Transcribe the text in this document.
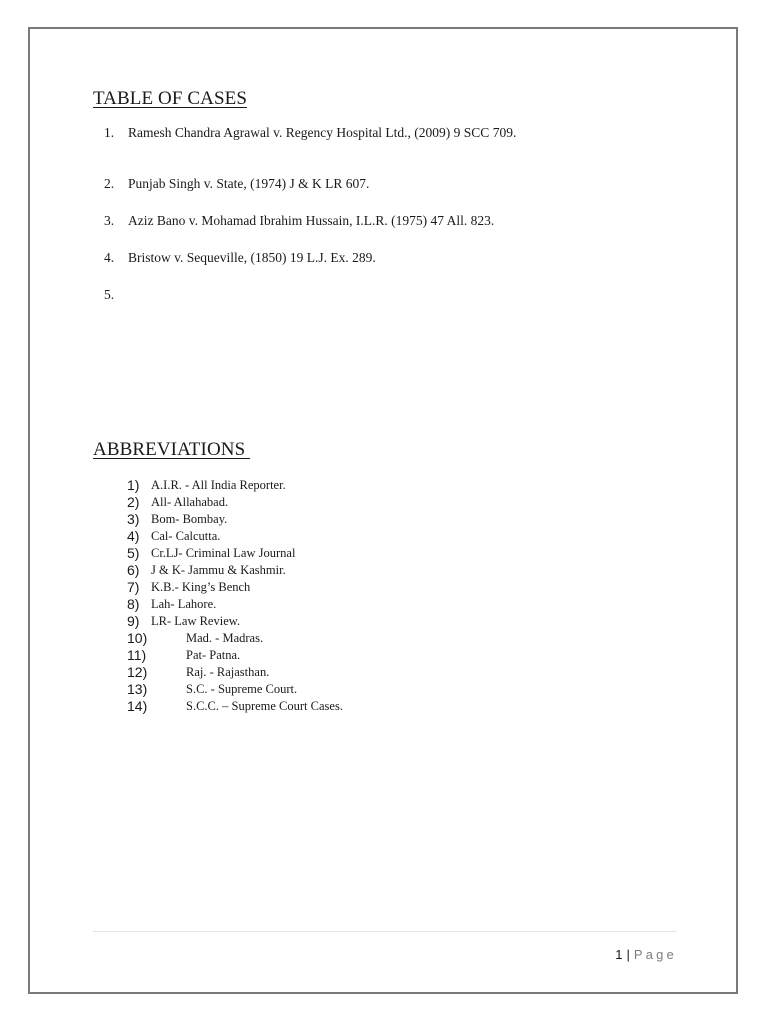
TABLE OF CASES
1. Ramesh Chandra Agrawal v. Regency Hospital Ltd., (2009) 9 SCC 709.
2. Punjab Singh v. State, (1974) J & K LR 607.
3. Aziz Bano v. Mohamad Ibrahim Hussain, I.L.R. (1975) 47 All. 823.
4. Bristow v. Sequeville, (1850) 19 L.J. Ex. 289.
5.
ABBREVIATIONS
1) $^{A.I.R. - All India Reporter.}$
2) $^{All- Allahabad.}$
3) $^{Bom- Bombay.}$
4) $^{Cal- Calcutta.}$
5) $^{Cr.LJ- Criminal Law Journal}$
6) $^{J \& K- Jammu \& Kashmir.}$
7) $^{K.B.- King’s Bench}$
8) $^{Lah- Lahore.}$
9) $^{LR- Law Review.}$
10)	$^{Mad. - Madras.}$
11)	$^{Pat- Patna.}$
12)	$^{Raj. - Rajasthan.}$
13)	$^{S.C. - Supreme Court.}$
14)	$^{S.C.C. - Supreme Court Cases.}$
1 | Page
